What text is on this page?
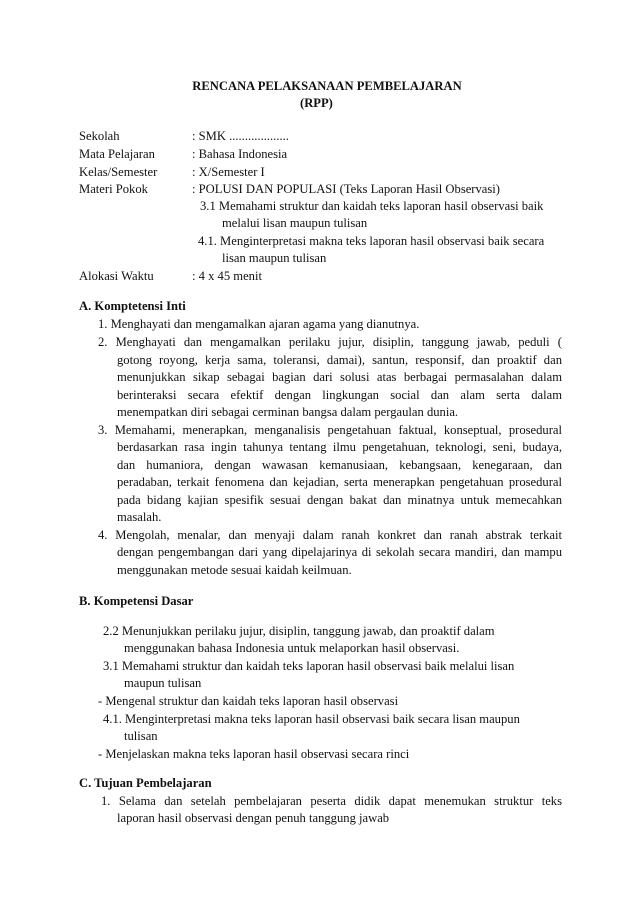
RENCANA PELAKSANAAN PEMBELAJARAN
(RPP)
Sekolah	: SMK ...................
Mata Pelajaran	: Bahasa Indonesia
Kelas/Semester	: X/Semester I
Materi Pokok	: POLUSI DAN POPULASI (Teks Laporan Hasil Observasi)
3.1 Memahami struktur dan kaidah teks laporan hasil observasi baik
melalui lisan maupun tulisan
4.1. Menginterpretasi makna teks laporan hasil observasi baik secara
lisan maupun tulisan
Alokasi Waktu	: 4 x 45 menit
A. Komptetensi Inti
1. Menghayati dan mengamalkan ajaran agama yang dianutnya.
2. Menghayati dan mengamalkan perilaku jujur, disiplin, tanggung jawab, peduli (
gotong royong, kerja sama, toleransi, damai), santun, responsif, dan proaktif dan
menunjukkan sikap sebagai bagian dari solusi atas berbagai permasalahan dalam
berinteraksi secara efektif dengan lingkungan social dan alam serta dalam
menempatkan diri sebagai cerminan bangsa dalam pergaulan dunia.
3. Memahami, menerapkan, menganalisis pengetahuan faktual, konseptual, prosedural
berdasarkan rasa ingin tahunya tentang ilmu pengetahuan, teknologi, seni, budaya,
dan humaniora, dengan wawasan kemanusiaan, kebangsaan, kenegaraan, dan
peradaban, terkait fenomena dan kejadian, serta menerapkan pengetahuan prosedural
pada bidang kajian spesifik sesuai dengan bakat dan minatnya untuk memecahkan
masalah.
4. Mengolah, menalar, dan menyaji dalam ranah konkret dan ranah abstrak terkait
dengan pengembangan dari yang dipelajarinya di sekolah secara mandiri, dan mampu
menggunakan metode sesuai kaidah keilmuan.
B. Kompetensi Dasar
2.2 Menunjukkan perilaku jujur, disiplin, tanggung jawab, dan proaktif dalam
menggunakan bahasa Indonesia untuk melaporkan hasil observasi.
3.1 Memahami struktur dan kaidah teks laporan hasil observasi baik melalui lisan
maupun tulisan
- Mengenal struktur dan kaidah teks laporan hasil observasi
4.1. Menginterpretasi makna teks laporan hasil observasi baik secara lisan maupun
tulisan
- Menjelaskan makna teks laporan hasil observasi secara rinci
C. Tujuan Pembelajaran
1. Selama dan setelah pembelajaran peserta didik dapat menemukan struktur teks
laporan hasil observasi dengan penuh tanggung jawab
